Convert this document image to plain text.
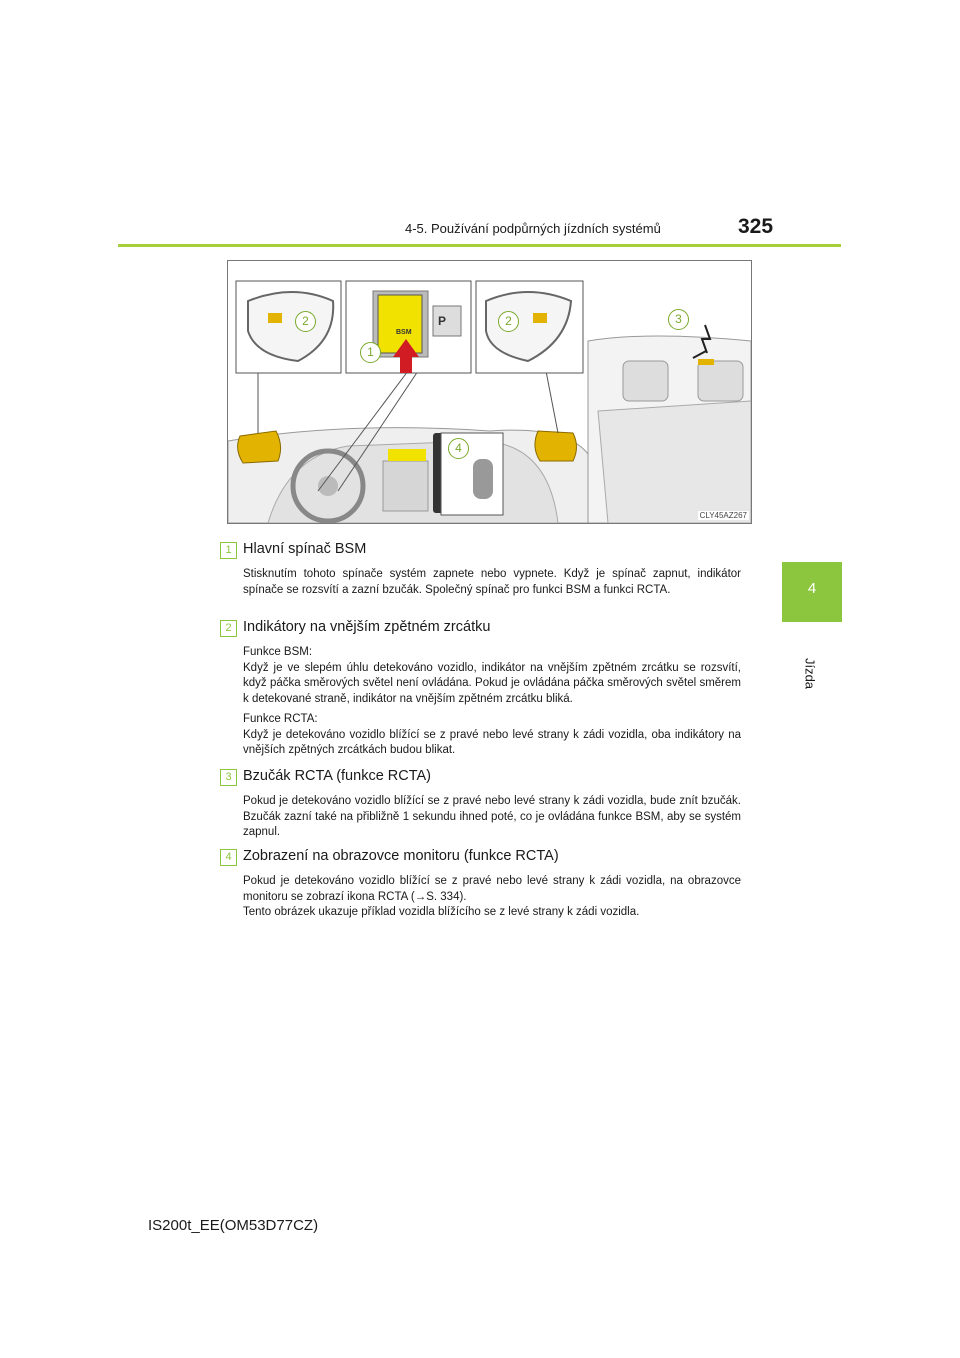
4-5. Používání podpůrných jízdních systémů	325
4
Jízda
P
1
2	2	3
4
BSM
CLY45AZ267
1 Hlavní spínač BSM

Stisknutím tohoto spínače systém zapnete nebo vypnete. Když je spínač zapnut, indikátor spínače se rozsvítí a zazní bzučák. Společný spínač pro funkci BSM a funkci RCTA.

2 Indikátory na vnějším zpětném zrcátku

Funkce BSM:

Když je ve slepém úhlu detekováno vozidlo, indikátor na vnějším zpětném zrcátku se rozsvítí, když páčka směrových světel není ovládána. Pokud je ovládána páčka směrových světel směrem k detekované straně, indikátor na vnějším zpětném zrcátku bliká.

Funkce RCTA:

Když je detekováno vozidlo blížící se z pravé nebo levé strany k zádi vozidla, oba indikátory na vnějších zpětných zrcátkách budou blikat.

3 Bzučák RCTA (funkce RCTA)

Pokud je detekováno vozidlo blížící se z pravé nebo levé strany k zádi vozidla, bude znít bzučák. Bzučák zazní také na přibližně 1 sekundu ihned poté, co je ovládána funkce BSM, aby se systém zapnul.

4 Zobrazení na obrazovce monitoru (funkce RCTA)

Pokud je detekováno vozidlo blížící se z pravé nebo levé strany k zádi vozidla, na obrazovce monitoru se zobrazí ikona RCTA (→S. 334).

Tento obrázek ukazuje příklad vozidla blížícího se z levé strany k zádi vozidla.

IS200t_EE(OM53D77CZ)
